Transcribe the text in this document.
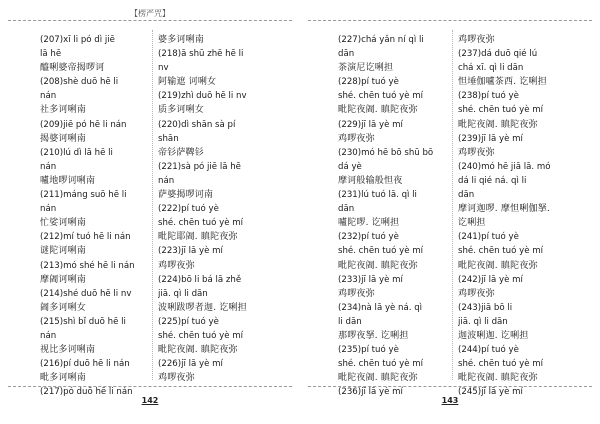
【楞严咒】
(207)xī li pó dì jiē
lā hē
醯唎婆帝揭啰诃
(208)shè duō hē li
nán
社多诃唎南
(209)jiē pó hē li nán
揭婆诃唎南
(210)lú dì lā hē li
nán
嚧地啰诃唎南
(211)máng suō hē li
nán
忙娑诃唎南
(212)mí tuó hē li nán
谜陀诃唎南
(213)mó shé hē li nán
摩阇诃唎南
(214)shé duō hē li nv
阇多诃唎女
(215)shì bǐ duō hē li
nán
视比多诃唎南
(216)pí duō hē li nán
毗多诃唎南
(217)pó duō hē li nán
婆多诃唎南
(218)ā shū zhē hē li
nv
阿输遮 诃唎女
(219)zhì duō hē li nv
质多诃唎女
(220)dì shān sà pí
shān
帝钐萨鞞钐
(221)sà pó jiē lā hē
nán
萨婆揭啰诃南
(222)pí tuó yè
shé. chēn tuó yè mí
毗陀耶阇. 瞋陀夜弥
(223)jī lā yè mí
鸡啰夜弥
(224)bō li bá lā zhě
jiā. qì li dān
波唎跋啰者迦. 讫唎担
(225)pí tuó yè
shé. chēn tuó yè mí
毗陀夜阇. 瞋陀夜弥
(226)jī lā yè mí
鸡啰夜弥
142
(227)chá yǎn ní qì li
dān
茶演尼讫唎担
(228)pí tuó yè
shé. chēn tuó yè mí
毗陀夜阇. 瞋陀夜弥
(229)jī lā yè mí
鸡啰夜弥
(230)mó hē bō shū bō
dá yè
摩诃般输般怛夜
(231)lú tuó lā. qì li
dān
嚧陀啰. 讫唎担
(232)pí tuó yè
shé. chēn tuó yè mí
毗陀夜阇. 瞋陀夜弥
(233)jī lā yè mí
鸡啰夜弥
(234)nà lā yè ná. qì
li dān
那啰夜拏. 讫唎担
(235)pí tuó yè
shé. chēn tuó yè mí
毗陀夜阇. 瞋陀夜弥
(236)jī lā yè mí
鸡啰夜弥
(237)dá duō qié lú
chá xī. qì li dān
怛埵伽嚧茶西. 讫唎担
(238)pí tuó yè
shé. chēn tuó yè mí
毗陀夜阇. 瞋陀夜弥
(239)jī lā yè mí
鸡啰夜弥
(240)mó hē jiā lā. mó
dá li qié ná. qì li
dān
摩诃迦啰. 摩怛唎伽拏.
讫唎担
(241)pí tuó yè
shé. chēn tuó yè mí
毗陀夜阇. 瞋陀夜弥
(242)jī lā yè mí
鸡啰夜弥
(243)jiā bō li
jiā. qì li dān
迦波唎迦. 讫唎担
(244)pí tuó yè
shé. chēn tuó yè mí
毗陀夜阇. 瞋陀夜弥
(245)jī lā yè mí
143
